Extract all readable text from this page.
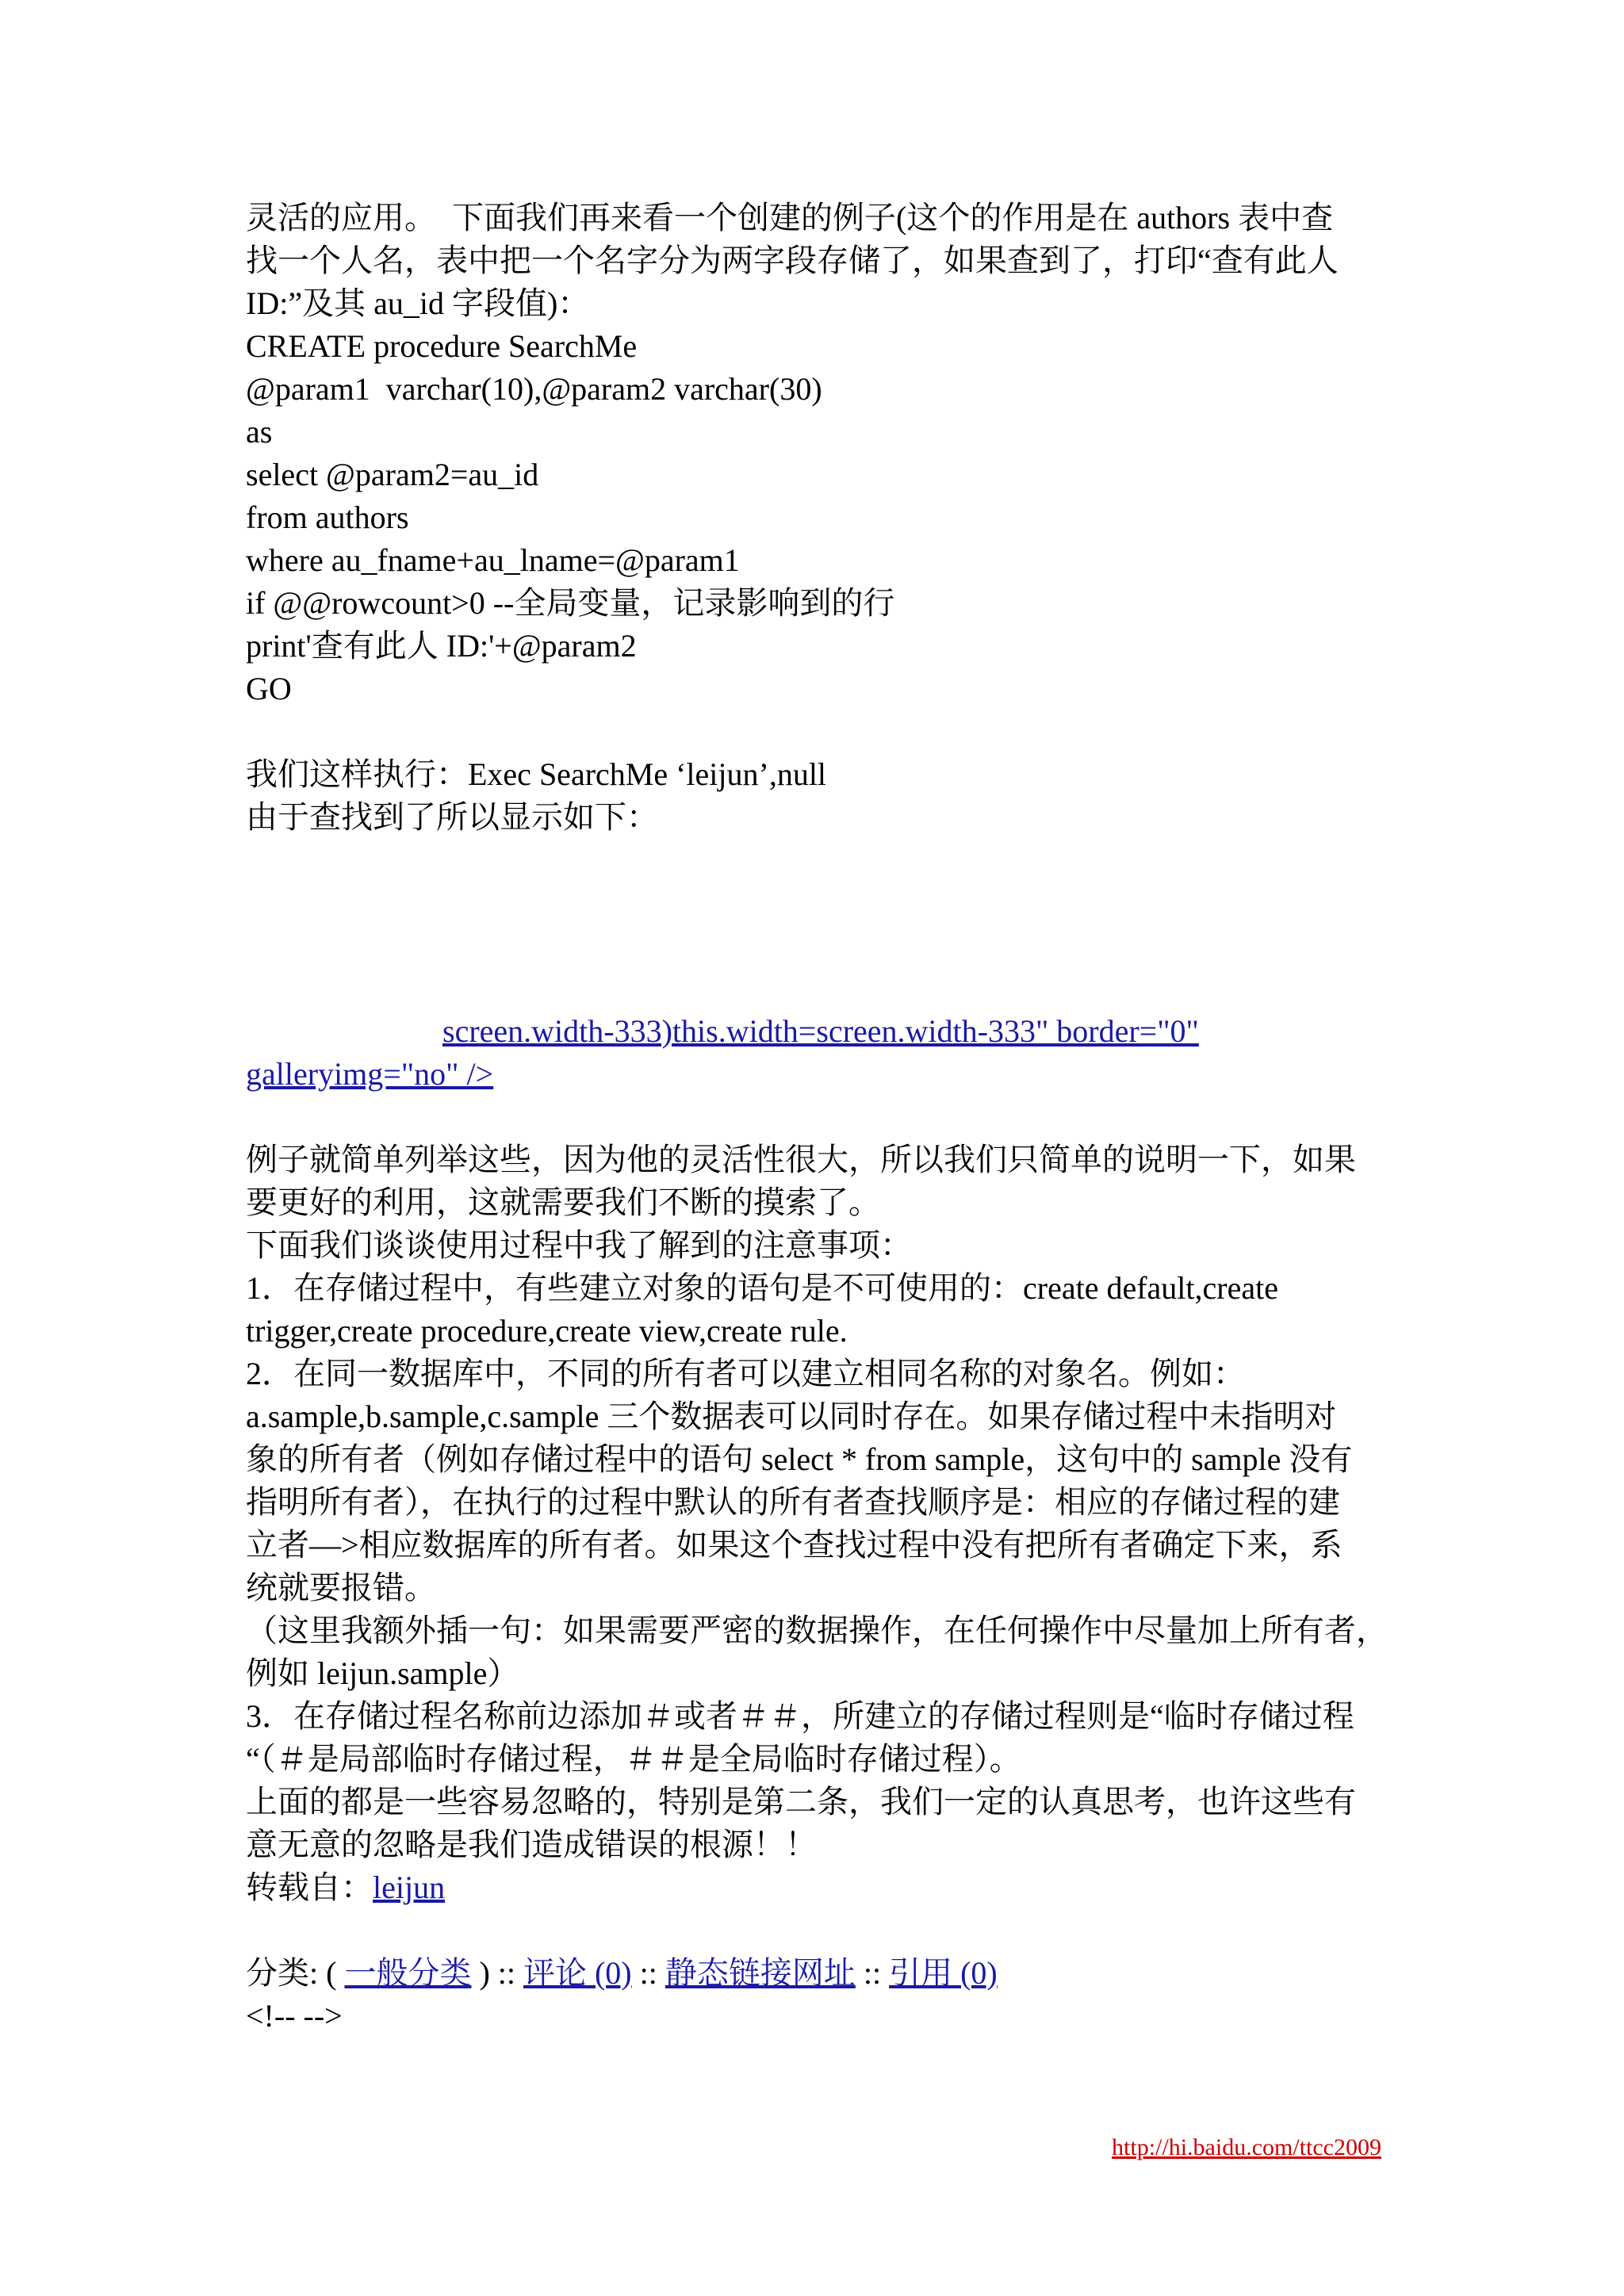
灵活的应用。  下面我们再来看一个创建的例子(这个的作用是在 authors 表中查
找一个人名，表中把一个名字分为两字段存储了，如果查到了，打印“查有此人
ID:”及其 au_id 字段值)：
CREATE procedure SearchMe
@param1  varchar(10),@param2 varchar(30)
as
select @param2=au_id
from authors
where au_fname+au_lname=@param1
if @@rowcount>0 --全局变量，记录影响到的行
print'查有此人 ID:'+@param2
GO
我们这样执行：Exec SearchMe ‘leijun’,null
由于查找到了所以显示如下：
screen.width-333)this.width=screen.width-333" border="0"
galleryimg="no" />
例子就简单列举这些，因为他的灵活性很大，所以我们只简单的说明一下，如果
要更好的利用，这就需要我们不断的摸索了。
下面我们谈谈使用过程中我了解到的注意事项：
1．在存储过程中，有些建立对象的语句是不可使用的：create default,create
trigger,create procedure,create view,create rule.
2．在同一数据库中，不同的所有者可以建立相同名称的对象名。例如：
a.sample,b.sample,c.sample 三个数据表可以同时存在。如果存储过程中未指明对
象的所有者（例如存储过程中的语句 select * from sample，这句中的 sample 没有
指明所有者），在执行的过程中默认的所有者查找顺序是：相应的存储过程的建
立者—>相应数据库的所有者。如果这个查找过程中没有把所有者确定下来，系
统就要报错。
（这里我额外插一句：如果需要严密的数据操作，在任何操作中尽量加上所有者，
例如 leijun.sample）
3．在存储过程名称前边添加＃或者＃＃，所建立的存储过程则是“临时存储过程
“（＃是局部临时存储过程，＃＃是全局临时存储过程）。
上面的都是一些容易忽略的，特别是第二条，我们一定的认真思考，也许这些有
意无意的忽略是我们造成错误的根源！！
转载自：leijun
分类: ( 一般分类 ) :: 评论 (0) :: 静态链接网址 :: 引用 (0)
<!-- -->
http://hi.baidu.com/ttcc2009
